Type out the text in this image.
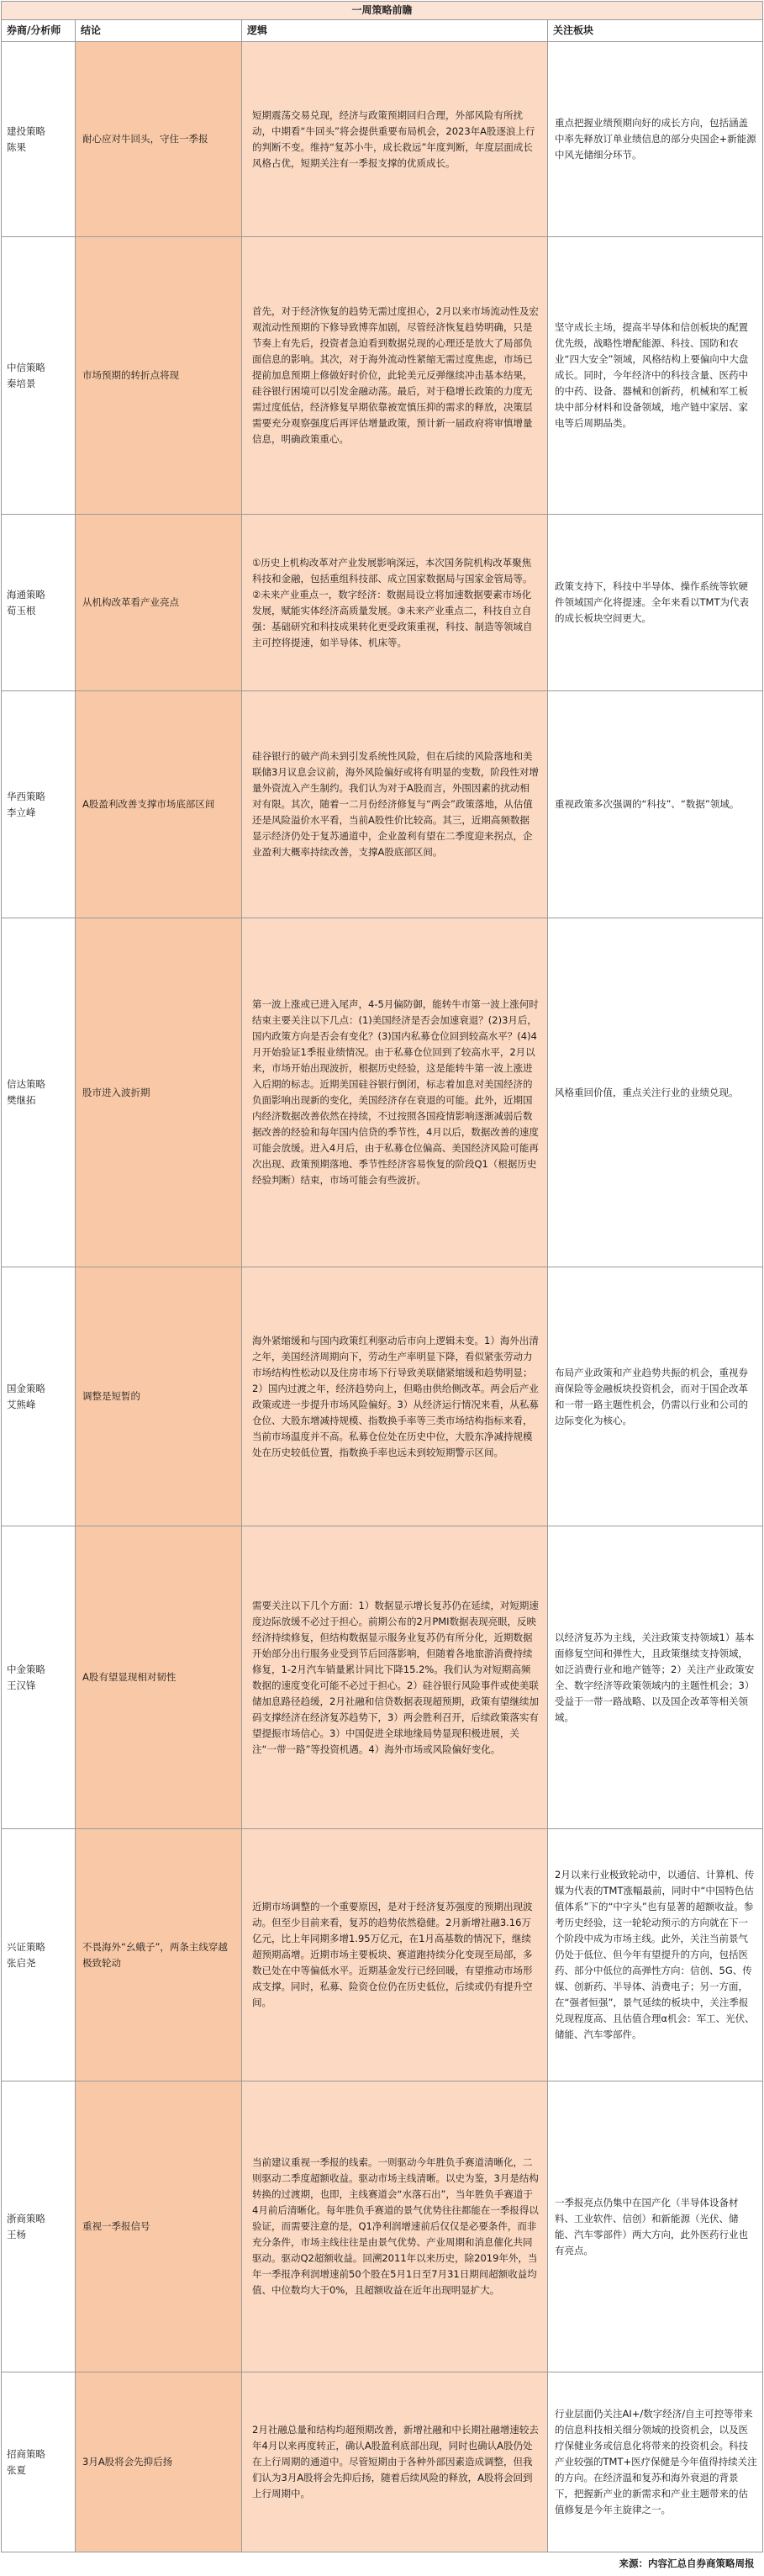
一周策略前瞻			
券商/分析师	结论	逻辑	关注板块

建投策略
陈果	耐心应对牛回头，守住一季报	短期震荡交易兑现，经济与政策预期回归合理，外部风险有所扰动，中期看“牛回头”将会提供重要布局机会，2023年A股逐浪上行的判断不变。维持“复苏小牛，成长救远”年度判断，年度层面成长风格占优，短期关注有一季报支撑的优质成长。	重点把握业绩预期向好的成长方向，包括涵盖中率先释放订单业绩信息的部分央国企+新能源中风光储细分环节。

中信策略
秦培景	市场预期的转折点将现	首先，对于经济恢复的趋势无需过度担心，2月以来市场流动性及宏观流动性预期的下修导致博弈加剧，尽管经济恢复趋势明确，只是节奏上有先后，投资者急迫看到数据兑现的心理还是放大了局部负面信息的影响。其次，对于海外流动性紧缩无需过度焦虑，市场已提前加息预期上修做好时价位，此轮美元反弹继续冲击基本结果，硅谷银行困境可以引发金融动荡。最后，对于稳增长政策的力度无需过度低估，经济修复早期依靠被宽慎压抑的需求的释放，决策层需要充分观察强度后再评估增量政策，预计新一届政府将审慎增量信息，明确政策重心。	坚守成长主场，提高半导体和信创板块的配置优先级，战略性增配能源、科技、国防和农业“四大安全”领域，风格结构上要偏向中大盘成长。同时，今年经济中的科技含量、医药中的中药、设备、器械和创新药，机械和军工板块中部分材料和设备领域，地产链中家居、家电等后周期品类。

海通策略
荀玉根	从机构改革看产业亮点	①历史上机构改革对产业发展影响深远，本次国务院机构改革聚焦科技和金融，包括重组科技部、成立国家数据局与国家金管局等。②未来产业重点一，数字经济：数据局设立将加速数据要素市场化发展，赋能实体经济高质量发展。③未来产业重点二，科技自立自强：基础研究和科技成果转化更受政策重视，科技、制造等领域自主可控将提速，如半导体、机床等。	政策支持下，科技中半导体、操作系统等软硬件领域国产化将提速。全年来看以TMT为代表的成长板块空间更大。

华西策略
李立峰	A股盈利改善支撑市场底部区间	硅谷银行的破产尚未到引发系统性风险，但在后续的风险落地和美联储3月议息会议前，海外风险偏好或将有明显的变数，阶段性对增量外资流入产生制约。我们认为对于A股而言，外围因素的扰动相对有限。其次，随着一二月份经济修复与“两会”政策落地，从估值还是风险溢价水平看，当前A股性价比较高。其三，近期高频数据显示经济仍处于复苏通道中，企业盈利有望在二季度迎来拐点，企业盈利大概率持续改善，支撑A股底部区间。	重视政策多次强调的“科技”、“数据”领域。

信达策略
樊继拓	股市进入波折期	第一波上涨或已进入尾声，4-5月偏防御，能转牛市第一波上涨何时结束主要关注以下几点：(1)美国经济是否会加速衰退？(2)3月后，国内政策方向是否会有变化？(3)国内私募仓位回到较高水平？(4)4月开始验证1季报业绩情况。由于私募仓位回到了较高水平，2月以来，市场开始出现波折，根据历史经验，这是能转牛第一波上涨进入后期的标志。近期美国硅谷银行倒闭，标志着加息对美国经济的负面影响出现新的变化，美国经济存在衰退的可能。此外，近期国内经济数据改善依然在持续，不过按照各国疫情影响逐渐减弱后数据改善的经验和每年国内信贷的季节性，4月以后，数据改善的速度可能会放缓。进入4月后，由于私募仓位偏高、美国经济风险可能再次出现、政策预期落地、季节性经济容易恢复的阶段Q1（根据历史经验判断）结束，市场可能会有些波折。	风格重回价值，重点关注行业的业绩兑现。

国金策略
艾熊峰	调整是短暂的	海外紧缩缓和与国内政策红利驱动后市向上逻辑未变。1）海外出清之年，美国经济周期向下，劳动生产率明显下降，看似紧张劳动力市场结构性松动以及住房市场下行导致美联储紧缩缓和趋势明显；2）国内过渡之年，经济趋势向上，但略由供给侧改革。两会后产业政策或进一步提升市场风险偏好。3）从经济运行情况来看，从私募仓位、大股东增减持规模、指数换手率等三类市场结构指标来看，当前市场温度并不高。私募仓位处在历史中位，大股东净减持规模处在历史较低位置，指数换手率也远未到较短期警示区间。	布局产业政策和产业趋势共振的机会，重视券商保险等金融板块投资机会，而对于国企改革和一带一路主题性机会，仍需以行业和公司的边际变化为核心。

中金策略
王汉锋	A股有望显现相对韧性	需要关注以下几个方面：1）数据显示增长复苏仍在延续，对短期速度边际放缓不必过于担心。前期公布的2月PMI数据表现亮眼，反映经济持续修复，但结构数据显示服务业复苏仍有所分化，近期数据开始部分出行服务业受到节后回落影响，但随着各地旅游消费持续修复，1-2月汽车销量累计同比下降15.2%。我们认为对短期高频数据的速度变化可能不必过于担心。2）硅谷银行风险事件或使美联储加息路径趋缓，2月社融和信贷数据表现超预期，政策有望继续加码支撑经济在经济复苏趋势下，3）两会胜利召开，后续政策落实有望提振市场信心。3）中国促进全球地缘局势显现积极进展，关注“一带一路”等投资机遇。4）海外市场或风险偏好变化。	以经济复苏为主线，关注政策支持领域1）基本面修复空间和弹性大，且政策继续支持领域，如泛消费行业和地产链等；2）关注产业政策安全、数字经济等政策领域内的主题性机会；3）受益于一带一路战略、以及国企改革等相关领域。

兴证策略
张启尧	不畏海外“幺蛾子”，两条主线穿越极致轮动	近期市场调整的一个重要原因，是对于经济复苏强度的预期出现波动。但至少目前来看，复苏的趋势依然稳健。2月新增社融3.16万亿元，比上年同期多增1.95万亿元，在1月高基数的情况下，继续超预期高增。近期市场主要板块、赛道跑持续分化变现至局部，多数已处在中等偏低水平。近期基金发行已经回暖，有望推动市场形成支撑。同时，私募、险资仓位仍在历史低位，后续或仍有提升空间。	2月以来行业极致轮动中，以通信、计算机、传媒为代表的TMT涨幅最前，同时中“中国特色估值体系”下的“中字头”也有显著的超额收益。参考历史经验，这一轮轮动预示的方向就在下一个阶段中成为市场主线。此外，关注当前景气仍处于低位、但今年有望提升的方向，包括医药、部分中低位的高弹性方向：信创、5G、传媒、创新药、半导体、消费电子；另一方面，在“强者恒强”，景气延续的板块中，关注季报兑现程度高、且估值合理α机会：军工、光伏、储能、汽车零部件。

浙商策略
王杨	重视一季报信号	当前建议重视一季报的线索。一则驱动今年胜负手赛道清晰化，二则驱动二季度超额收益。驱动市场主线清晰。以史为鉴，3月是结构转换的过渡期，也即，主线赛道会“水落石出”，当年胜负手赛道于4月前后清晰化。每年胜负手赛道的景气优势往往都能在一季报得以验证，而需要注意的是，Q1净利润增速前后仅仅是必要条件，而非充分条件，市场主线往往是由景气优势、产业周期和消息催化共同驱动。驱动Q2超额收益。回溯2011年以来历史，除2019年外，当年一季报净利润增速前50个股在5月1日至7月31日期间超额收益均值、中位数均大于0%，且超额收益在近年出现明显扩大。	一季报亮点仍集中在国产化（半导体设备材料、工业软件、信创）和新能源（光伏、储能、汽车零部件）两大方向，此外医药行业也有亮点。

招商策略
张夏	3月A股将会先抑后扬	2月社融总量和结构均超预期改善，新增社融和中长期社融增速较去年4月以来再度转正，确认A股盈利底部出现，同时也确认A股仍处在上行周期的通道中。尽管短期由于各种外部因素造成调整，但我们认为3月A股将会先抑后扬，随着后续风险的释放，A股将会回到上行周期中。	行业层面仍关注AI+/数字经济/自主可控等带来的信息科技相关细分领域的投资机会，以及医疗保健业务或信息化将带来的投资机会。科技产业较强的TMT+医疗保健是今年值得持续关注的方向。在经济温和复苏和海外衰退的背景下，把握新产业的新需求和产业主题带来的估值修复是今年主旋律之一。
来源：内容汇总自券商策略周报			
